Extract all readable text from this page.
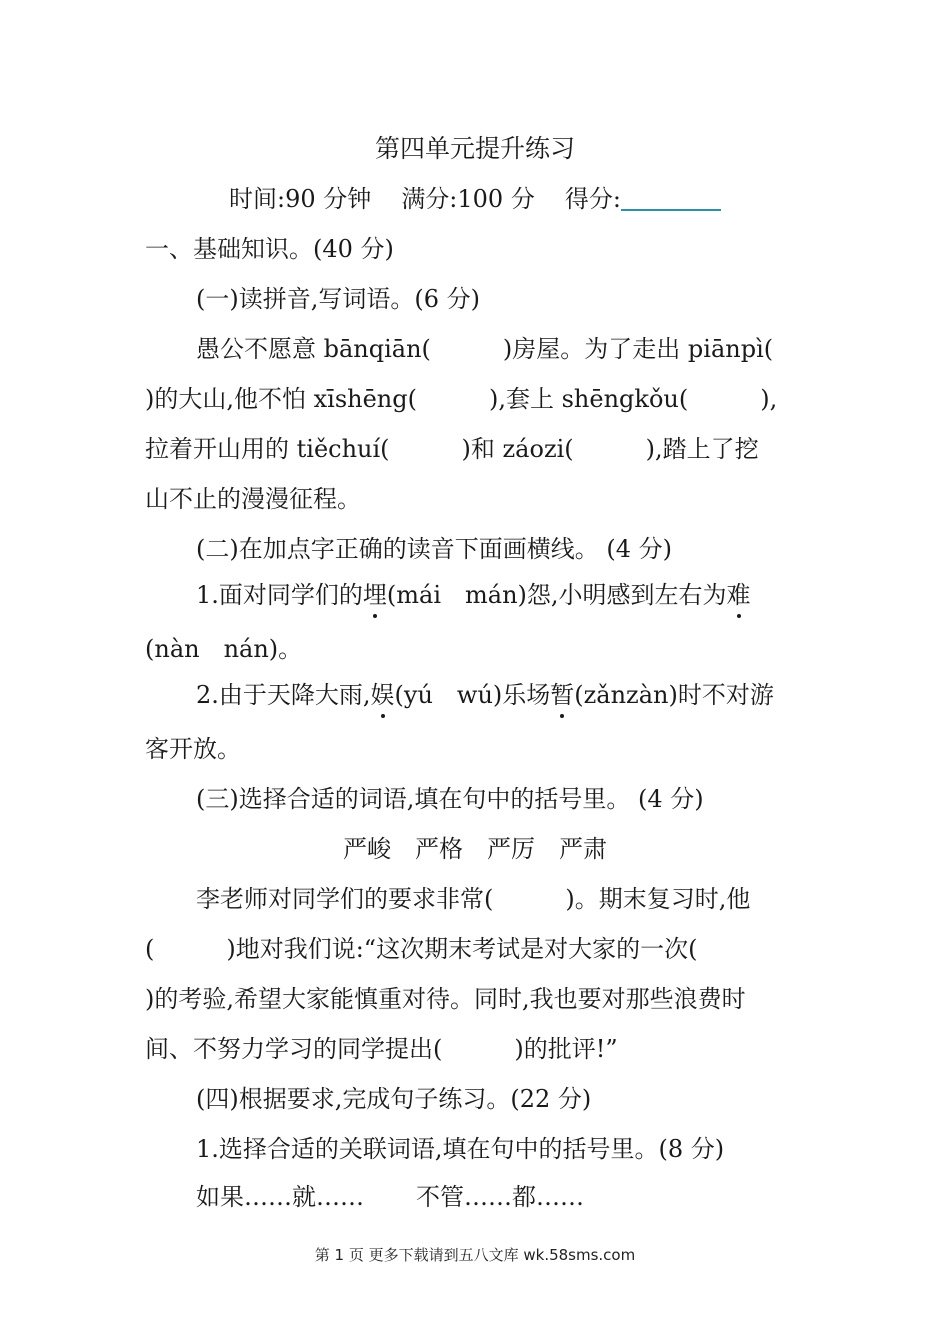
第四单元提升练习
时间:90 分钟 满分:100 分 得分:
一、基础知识。(40 分)
(一)读拼音,写词语。(6 分)
愚公不愿意 bānqiān(　　　)房屋。为了走出 piānpì(
)的大山,他不怕 xīshēng(　　　),套上 shēngkǒu(　　　),
拉着开山用的 tiěchuí(　　　)和 záozi(　　　),踏上了挖
山不止的漫漫征程。
(二)在加点字正确的读音下面画横线。 (4 分)
1.面对同学们的埋(mái　mán)怨,小明感到左右为难
(nàn　nán)。
2.由于天降大雨,娱(yú　wú)乐场暂(zǎnzàn)时不对游
客开放。
(三)选择合适的词语,填在句中的括号里。 (4 分)
严峻　严格　严厉　严肃
李老师对同学们的要求非常(　　　)。期末复习时,他
(　　　)地对我们说:“这次期末考试是对大家的一次(
)的考验,希望大家能慎重对待。同时,我也要对那些浪费时
间、不努力学习的同学提出(　　　)的批评!”
(四)根据要求,完成句子练习。(22 分)
1.选择合适的关联词语,填在句中的括号里。(8 分)
如果……就…… 不管……都……
第 1 页 更多下载请到五八文库 wk.58sms.com
